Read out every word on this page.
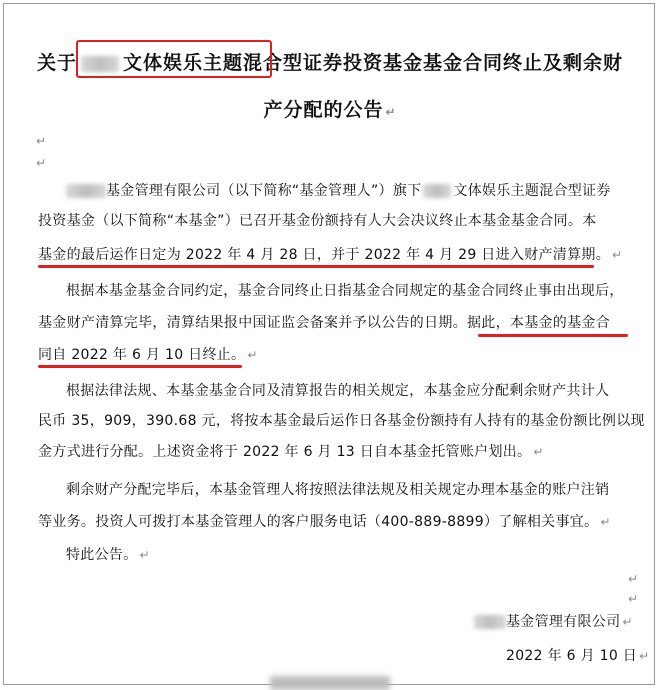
关于 文体娱乐主题混合型证券投资基金基金合同终止及剩余财
产分配的公告 ↵
↵
↵
基金管理有限公司（以下简称“基金管理人”）旗下 文体娱乐主题混合型证券
投资基金（以下简称“本基金”）已召开基金份额持有人大会决议终止本基金基金合同。本
基金的最后运作日定为 2022 年 4 月 28 日，并于 2022 年 4 月 29 日进入财产清算期。 ↵
根据本基金基金合同约定，基金合同终止日指基金合同规定的基金合同终止事由出现后，
基金财产清算完毕，清算结果报中国证监会备案并予以公告的日期。据此，本基金的基金合
同自 2022 年 6 月 10 日终止。 ↵
根据法律法规、本基金基金合同及清算报告的相关规定，本基金应分配剩余财产共计人
民币 35，909，390.68 元，将按本基金最后运作日各基金份额持有人持有的基金份额比例以现
金方式进行分配。上述资金将于 2022 年 6 月 13 日自本基金托管账户划出。 ↵
剩余财产分配完毕后，本基金管理人将按照法律法规及相关规定办理本基金的账户注销
等业务。投资人可拨打本基金管理人的客户服务电话（400-889-8899）了解相关事宜。 ↵
特此公告。 ↵
↵
↵
基金管理有限公司 ↵
2022 年 6 月 10 日 ↵
